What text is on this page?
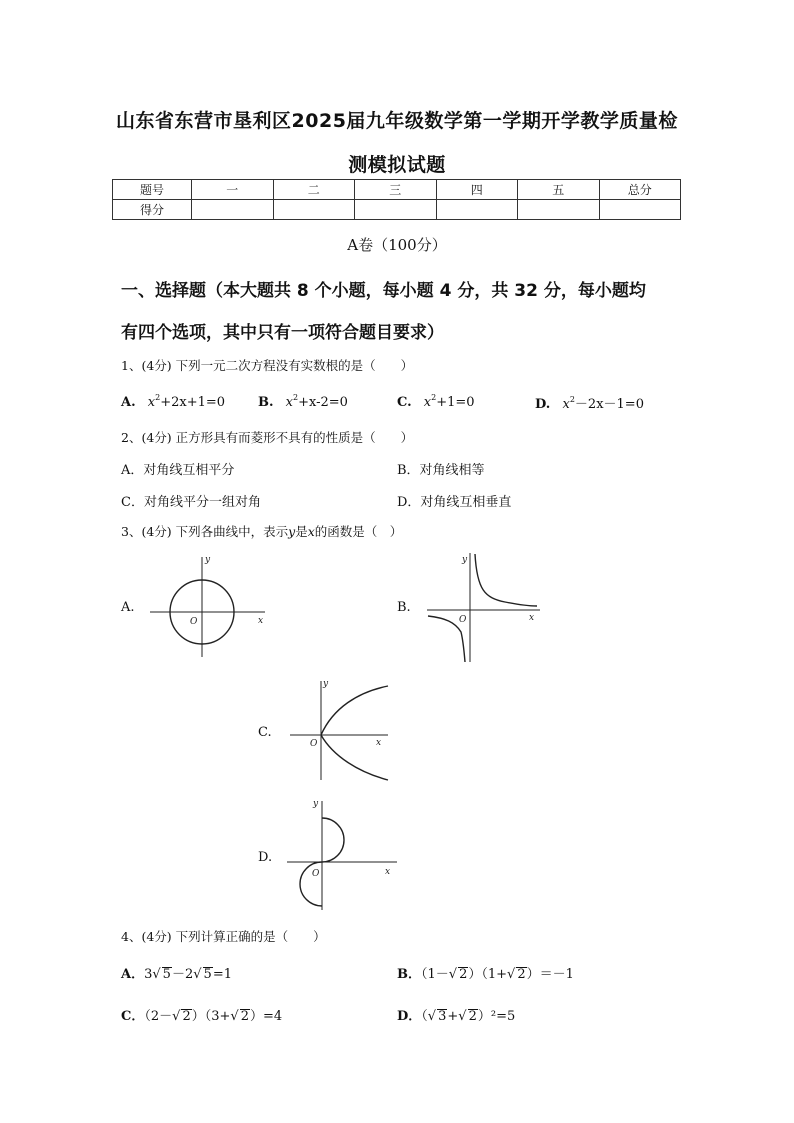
山东省东营市垦利区2025届九年级数学第一学期开学教学质量检
测模拟试题
题号	一	二	三	四	五	总分
得分						
A卷（100分）
一、选择题（本大题共 8 个小题，每小题 4 分，共 32 分，每小题均
有四个选项，其中只有一项符合题目要求）
1、(4分) 下列一元二次方程没有实数根的是（　　）
A. $x^2+2x+1=0$	B. $x^2+x-2=0$	C. $x^2+1=0$	D. $x^2-2x-1=0$
2、(4分) 正方形具有而菱形不具有的性质是（　　）
A．对角线互相平分	B．对角线相等
C．对角线平分一组对角	D．对角线互相垂直
3、(4分) 下列各曲线中，表示y是x的函数是（　）
A.	B.
C.
D.
x
y
O	x
y
O
x
y
O
x
y
O
4、(4分) 下列计算正确的是（　　）
A．3√ 5－2√ 5=1	B．（1－√ 2）（1+√ 2）＝－1
C．（2－√ 2）（3+√ 2）=4	D．（√ 3+√ 2）²=5
